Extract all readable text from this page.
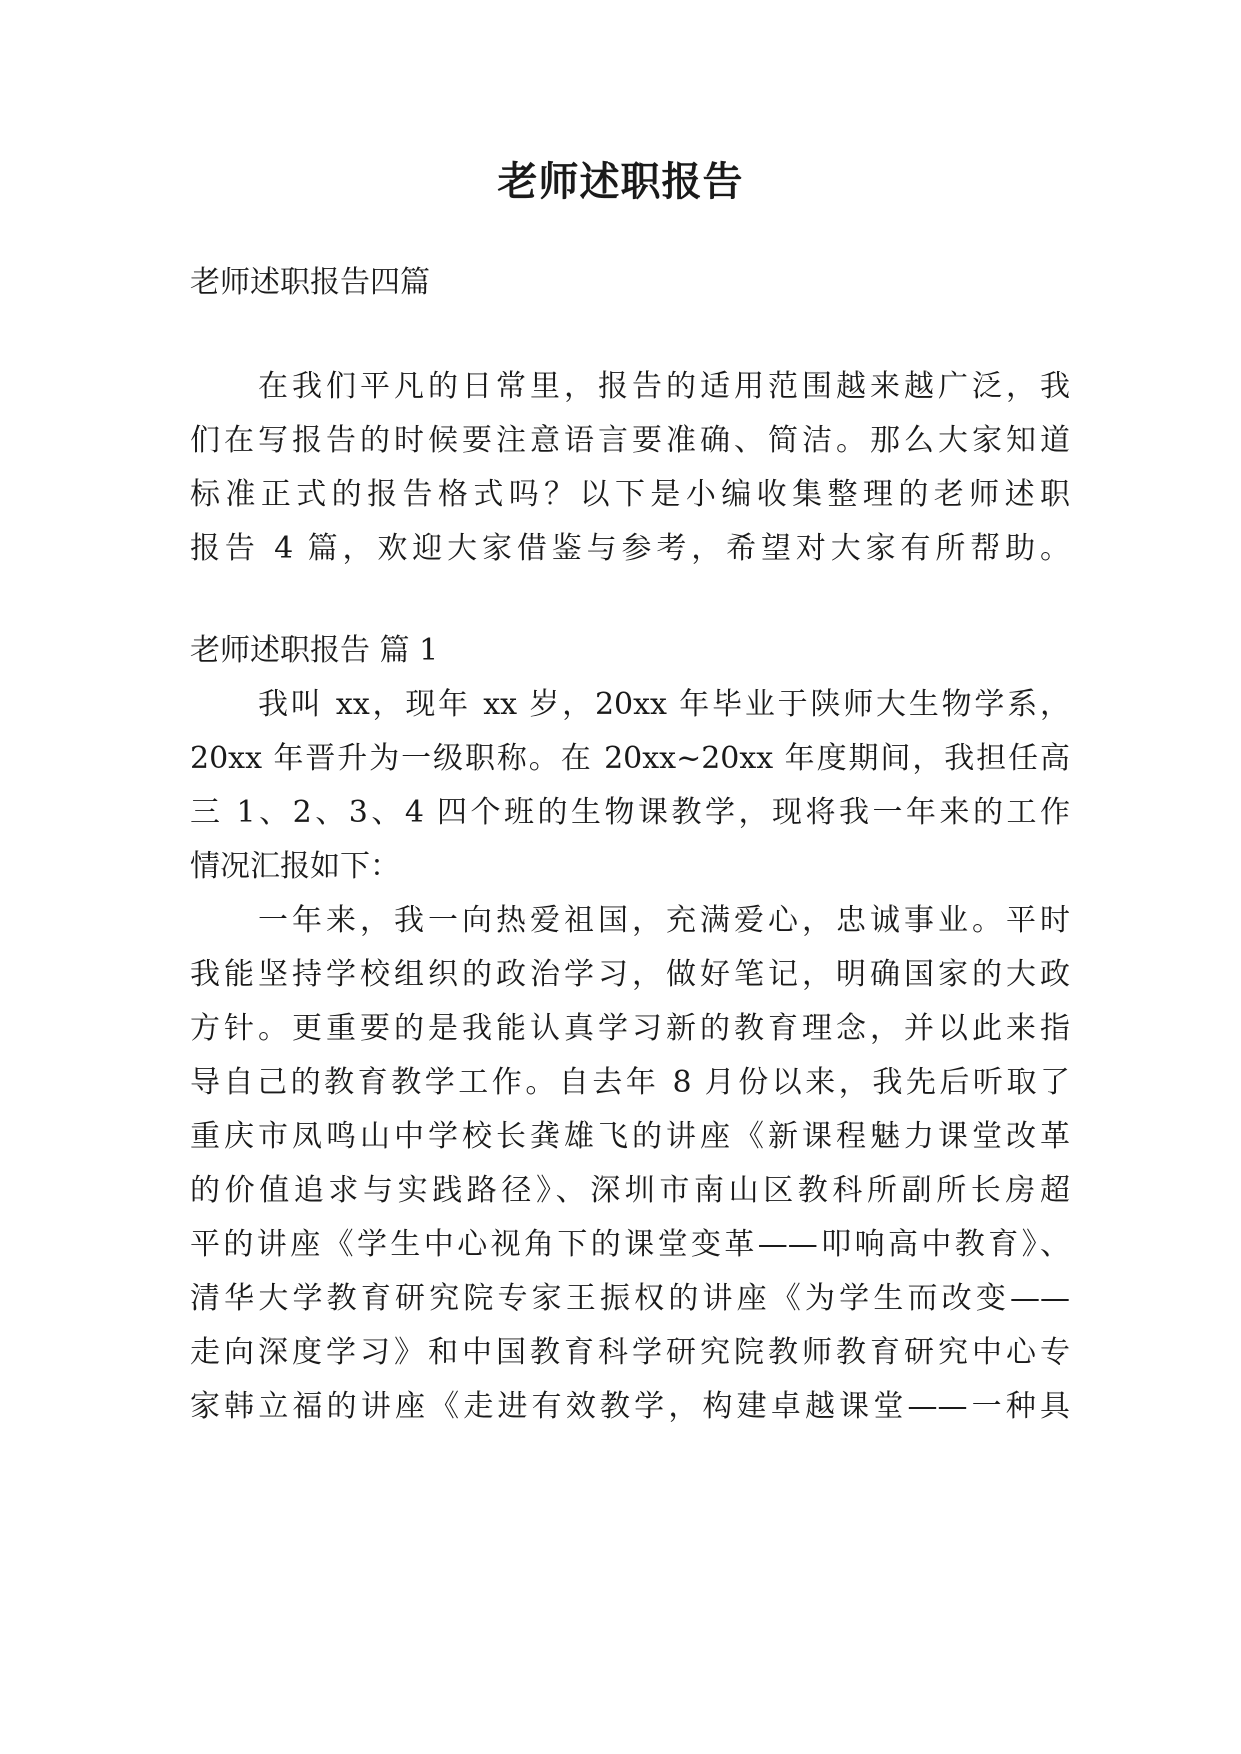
老师述职报告

老师述职报告四篇

在我们平凡的日常里，报告的适用范围越来越广泛，我

们在写报告的时候要注意语言要准确、简洁。那么大家知道

标准正式的报告格式吗？以下是小编收集整理的老师述职

报告 4 篇，欢迎大家借鉴与参考，希望对大家有所帮助。

老师述职报告 篇 1

我叫 xx，现年 xx 岁，20xx 年毕业于陕师大生物学系，

20xx 年晋升为一级职称。在 20xx~20xx 年度期间，我担任高

三 1、2、3、4 四个班的生物课教学，现将我一年来的工作

情况汇报如下：

一年来，我一向热爱祖国，充满爱心，忠诚事业。平时

我能坚持学校组织的政治学习，做好笔记，明确国家的大政

方针。更重要的是我能认真学习新的教育理念，并以此来指

导自己的教育教学工作。自去年 8 月份以来，我先后听取了

重庆市凤鸣山中学校长龚雄飞的讲座《新课程魅力课堂改革

的价值追求与实践路径》、深圳市南山区教科所副所长房超

平的讲座《学生中心视角下的课堂变革——叩响高中教育》、

清华大学教育研究院专家王振权的讲座《为学生而改变——

走向深度学习》和中国教育科学研究院教师教育研究中心专

家韩立福的讲座《走进有效教学，构建卓越课堂——一种具
